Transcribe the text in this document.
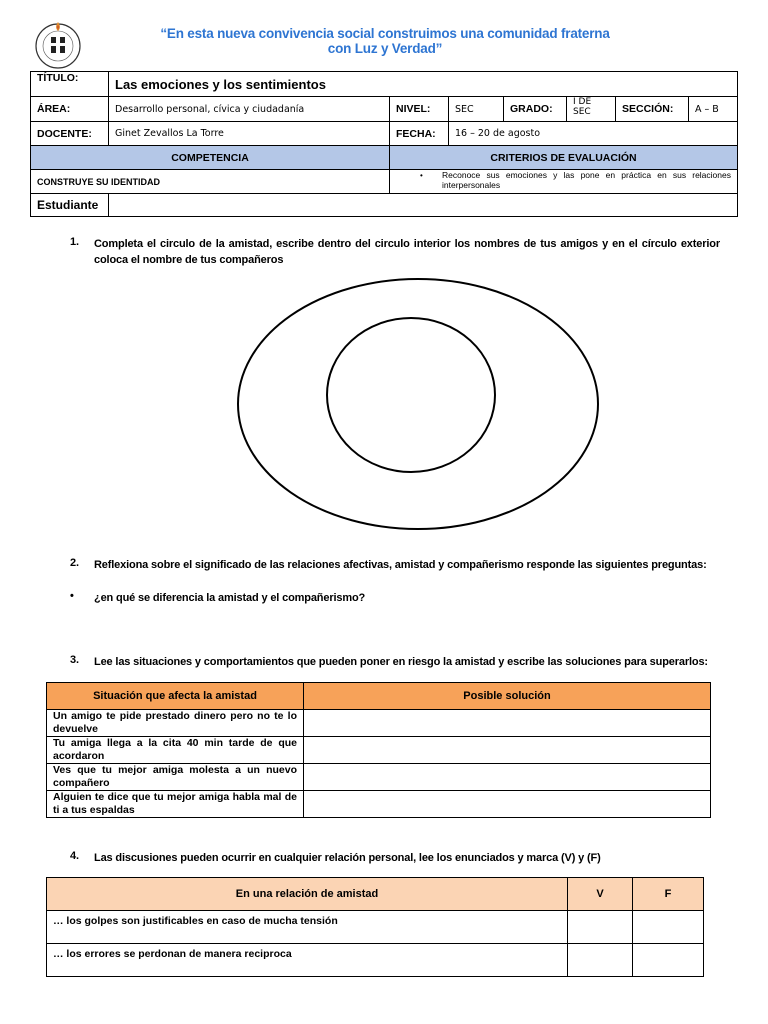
“En esta nueva convivencia social construimos una comunidad fraterna con Luz y Verdad”
TÍTULO:	Las emociones y los sentimientos						
ÁREA:	Desarrollo personal, cívica y ciudadanía	NIVEL:	SEC	GRADO:	I DE SEC	SECCIÓN:	A – B
DOCENTE:	Ginet Zevallos La Torre	FECHA:	16 – 20 de agosto				
COMPETENCIA		CRITERIOS DE EVALUACIÓN					
CONSTRUYE SU IDENTIDAD		• Reconoce sus emociones y las pone en práctica en sus relaciones interpersonales					
Estudiante							
1. Completa el circulo de la amistad, escribe dentro del circulo interior los nombres de tus amigos y en el círculo exterior coloca el nombre de tus compañeros
2. Reflexiona sobre el significado de las relaciones afectivas, amistad y compañerismo responde las siguientes preguntas:
• ¿en qué se diferencia la amistad y el compañerismo?
3. Lee las situaciones y comportamientos que pueden poner en riesgo la amistad y escribe las soluciones para superarlos:
Situación que afecta la amistad	Posible solución
Un amigo te pide prestado dinero pero no te lo devuelve	
Tu amiga llega a la cita 40 min tarde de que acordaron	
Ves que tu mejor amiga molesta a un nuevo compañero	
Alguien te dice que tu mejor amiga habla mal de ti a tus espaldas	
4. Las discusiones pueden ocurrir en cualquier relación personal, lee los enunciados y marca (V) y (F)
En una relación de amistad	V	F
… los golpes son justificables en caso de mucha tensión		
… los errores se perdonan de manera reciproca		
